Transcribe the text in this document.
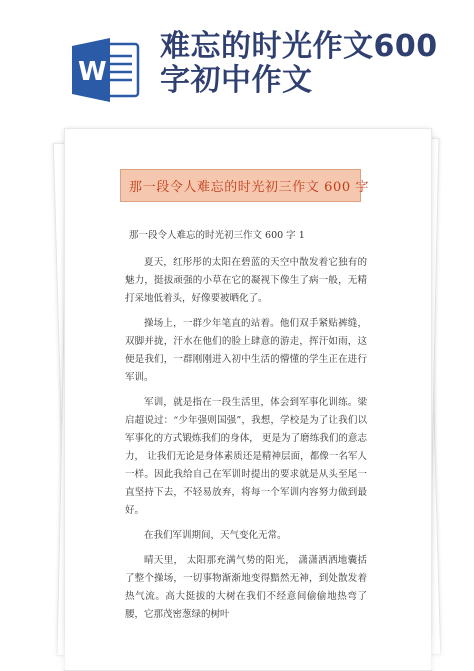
W
难忘的时光作文600字初中作文
那一段令人难忘的时光初三作文 600 字

那一段令人难忘的时光初三作文 600 字 1

夏天，红彤彤的太阳在碧蓝的天空中散发着它独有的魅力，挺拔顽强的小草在它的凝视下像生了病一般，无精打采地低着头，好像要被晒化了。

操场上，一群少年笔直的站着。他们双手紧贴裤缝，双脚并拢，汗水在他们的脸上肆意的游走，挥汗如雨，这便是我们，一群刚刚进入初中生活的懵懂的学生正在进行军训。

军训，就是指在一段生活里，体会到军事化训练。梁启超说过：“少年强则国强”，我想，学校是为了让我们以军事化的方式锻炼我们的身体， 更是为了磨练我们的意志力， 让我们无论是身体素质还是精神层面，都像一名军人一样。因此我给自己在军训时提出的要求就是从头至尾一直坚持下去，不轻易放弃，将每一个军训内容努力做到最好。

在我们军训期间，天气变化无常。

晴天里， 太阳那充满气势的阳光， 潇潇洒洒地囊括了整个操场，一切事物渐渐地变得黯然无神，到处散发着热气流。高大挺拔的大树在我们不经意间偷偷地热弯了腰，它那茂密葱绿的树叶
